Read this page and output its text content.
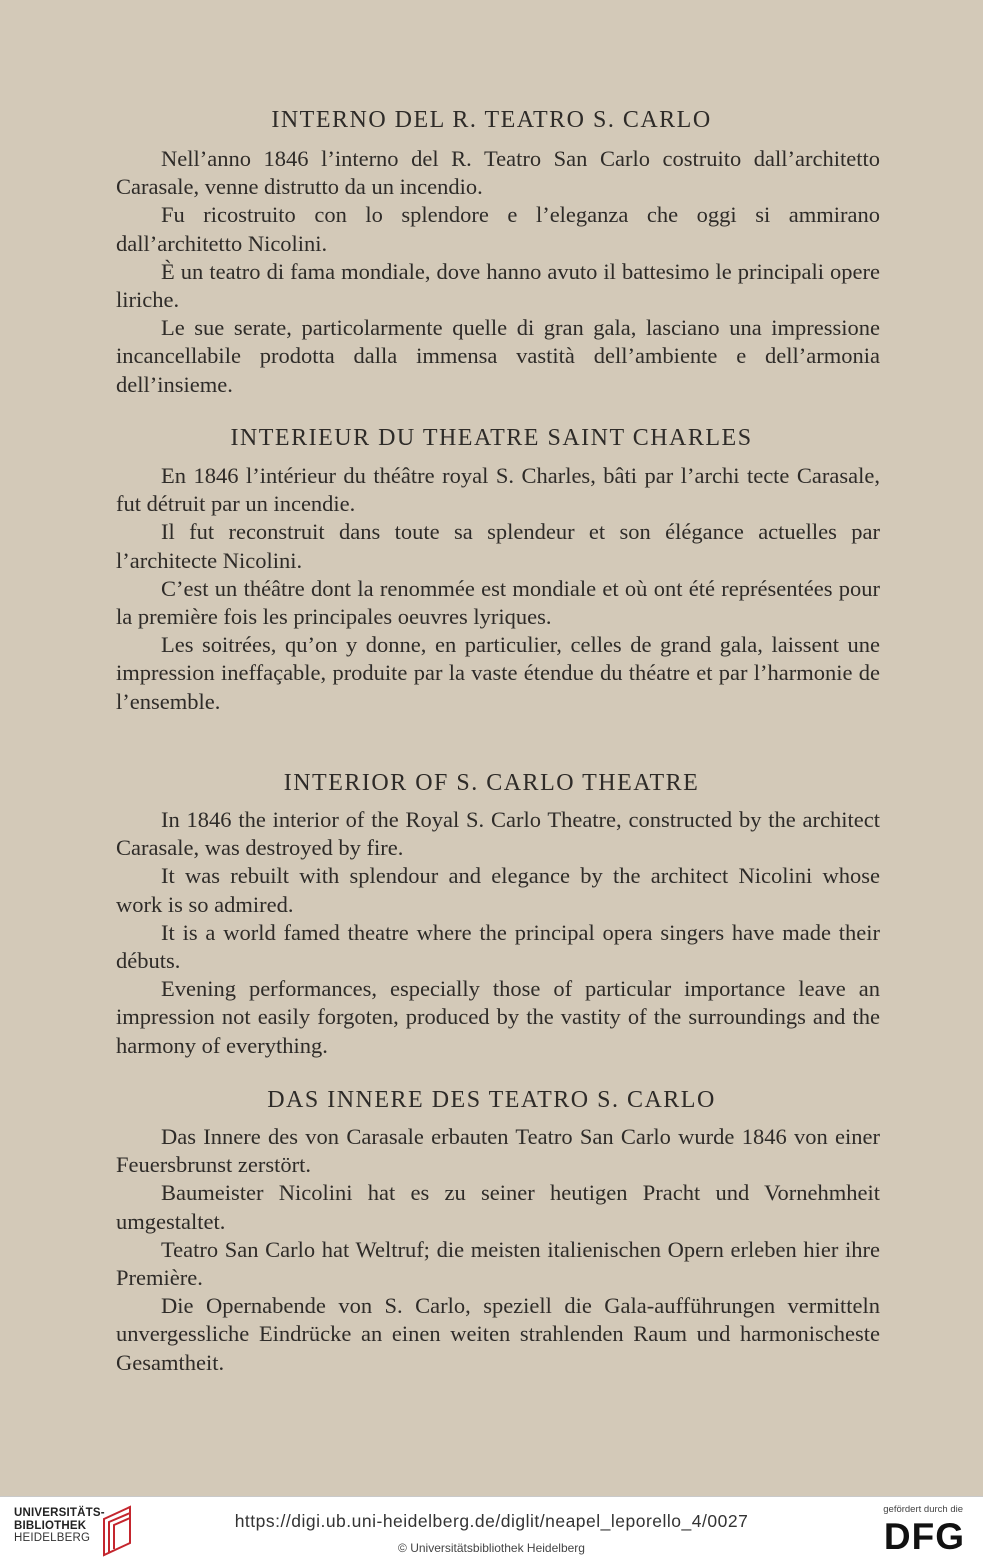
INTERNO DEL R. TEATRO S. CARLO

Nell’anno 1846 l’interno del R. Teatro San Carlo costruito dall’architetto Carasale, venne distrutto da un incendio.

Fu ricostruito con lo splendore e l’eleganza che oggi si ammirano dall’architetto Nicolini.

È un teatro di fama mondiale, dove hanno avuto il battesimo le principali opere liriche.

Le sue serate, particolarmente quelle di gran gala, lasciano una impressione incancellabile prodotta dalla immensa vastità dell’ambiente e dell’armonia dell’insieme.

INTERIEUR DU THEATRE SAINT CHARLES

En 1846 l’intérieur du théâtre royal S. Charles, bâti par l’archi tecte Carasale, fut détruit par un incendie.

Il fut reconstruit dans toute sa splendeur et son élégance actuelles par l’architecte Nicolini.

C’est un théâtre dont la renommée est mondiale et où ont été représentées pour la première fois les principales oeuvres lyriques.

Les soitrées, qu’on y donne, en particulier, celles de grand gala, laissent une impression ineffaçable, produite par la vaste étendue du théatre et par l’harmonie de l’ensemble.

INTERIOR OF S. CARLO THEATRE

In 1846 the interior of the Royal S. Carlo Theatre, constructed by the architect Carasale, was destroyed by fire.

It was rebuilt with splendour and elegance by the architect Nicolini whose work is so admired.

It is a world famed theatre where the principal opera singers have made their débuts.

Evening performances, especially those of particular importance leave an impression not easily forgoten, produced by the vastity of the surroundings and the harmony of everything.

DAS INNERE DES TEATRO S. CARLO

Das Innere des von Carasale erbauten Teatro San Carlo wurde 1846 von einer Feuersbrunst zerstört.

Baumeister Nicolini hat es zu seiner heutigen Pracht und Vornehmheit umgestaltet.

Teatro San Carlo hat Weltruf; die meisten italienischen Opern erleben hier ihre Première.

Die Opernabende von S. Carlo, speziell die Gala-aufführungen vermitteln unvergessliche Eindrücke an einen weiten strahlenden Raum und harmonischeste Gesamtheit.

UNIVERSITÄTS-
BIBLIOTHEK
HEIDELBERG
https://digi.ub.uni-heidelberg.de/diglit/neapel_leporello_4/0027
© Universitätsbibliothek Heidelberg
gefördert durch die
DFG
